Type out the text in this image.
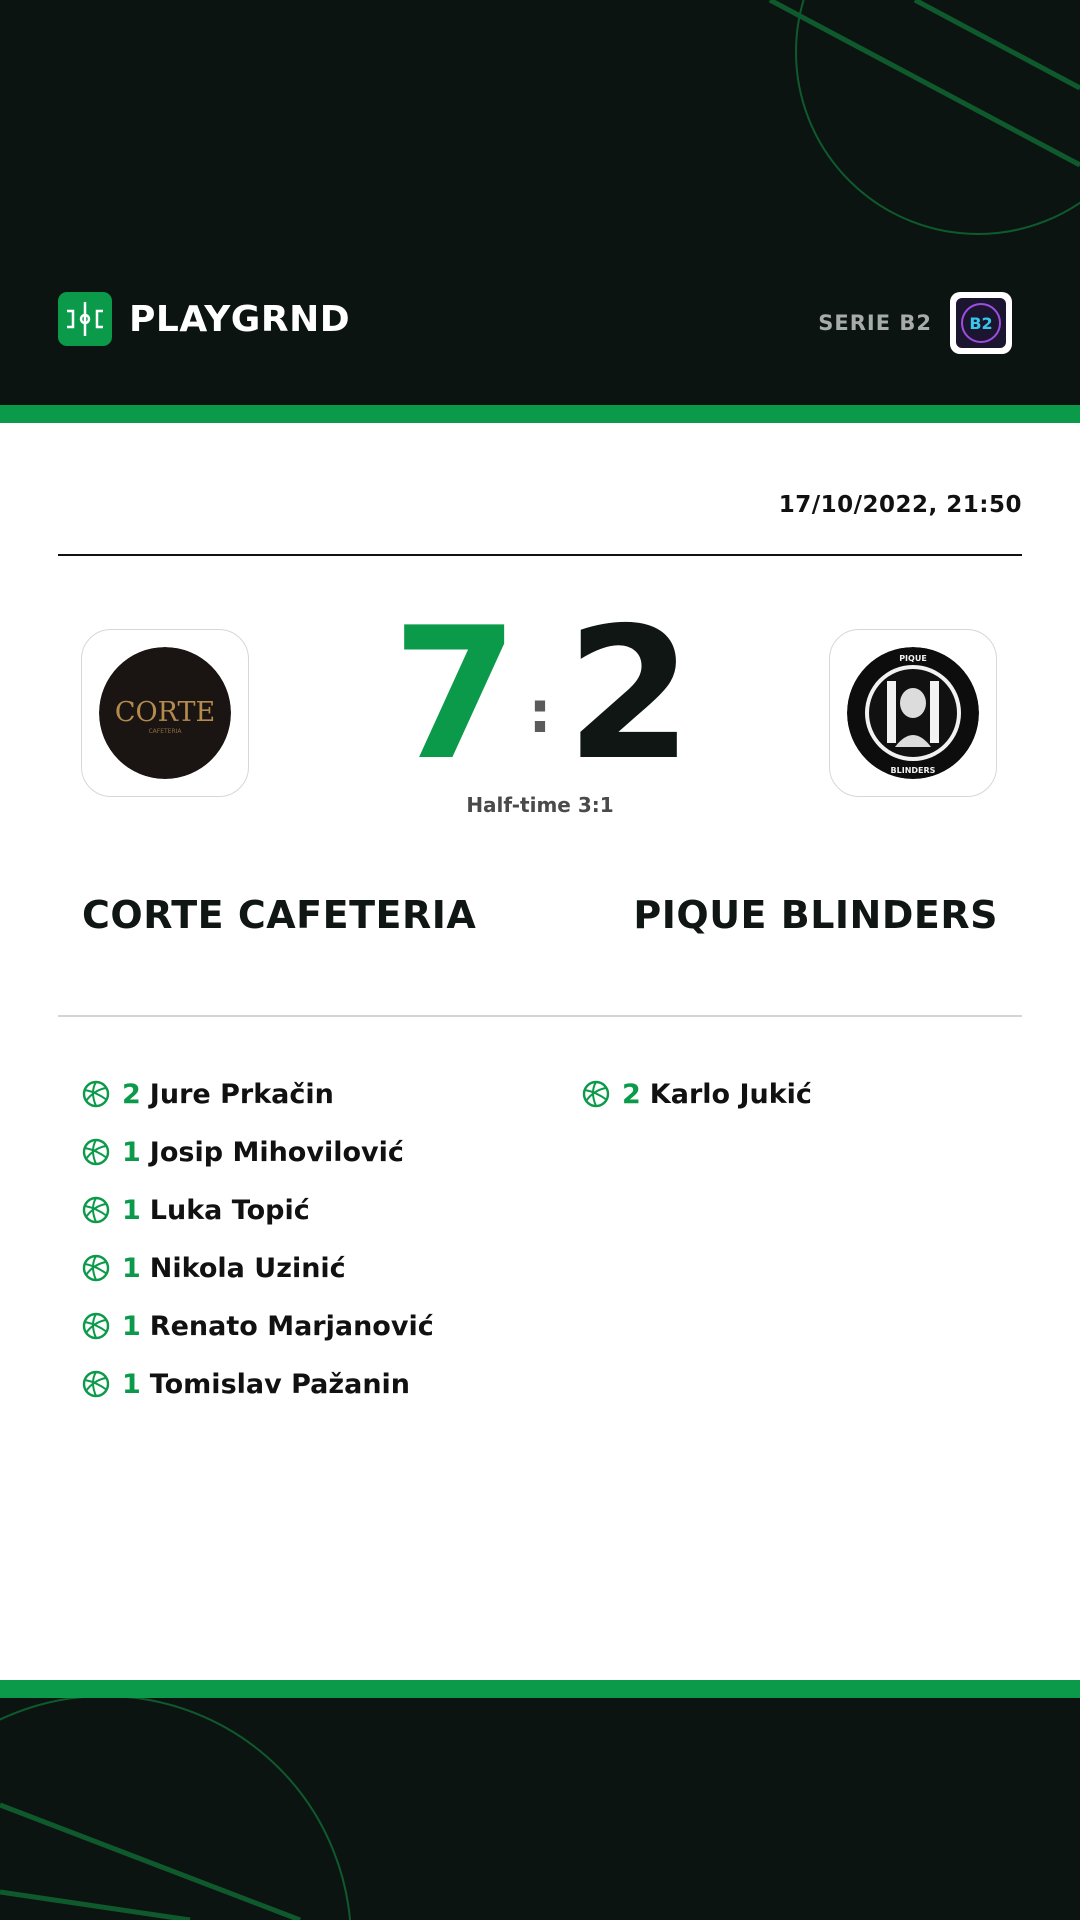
PLAYGRND	SERIE B2 B2
17/10/2022, 21:50
CORTE
CAFETERIA
PIQUE
BLINDERS
7 : 2
Half-time 3:1
CORTE CAFETERIA	PIQUE BLINDERS
2 Jure Prkačin
1 Josip Mihovilović
1 Luka Topić
1 Nikola Uzinić
1 Renato Marjanović
1 Tomislav Pažanin
2 Karlo Jukić
